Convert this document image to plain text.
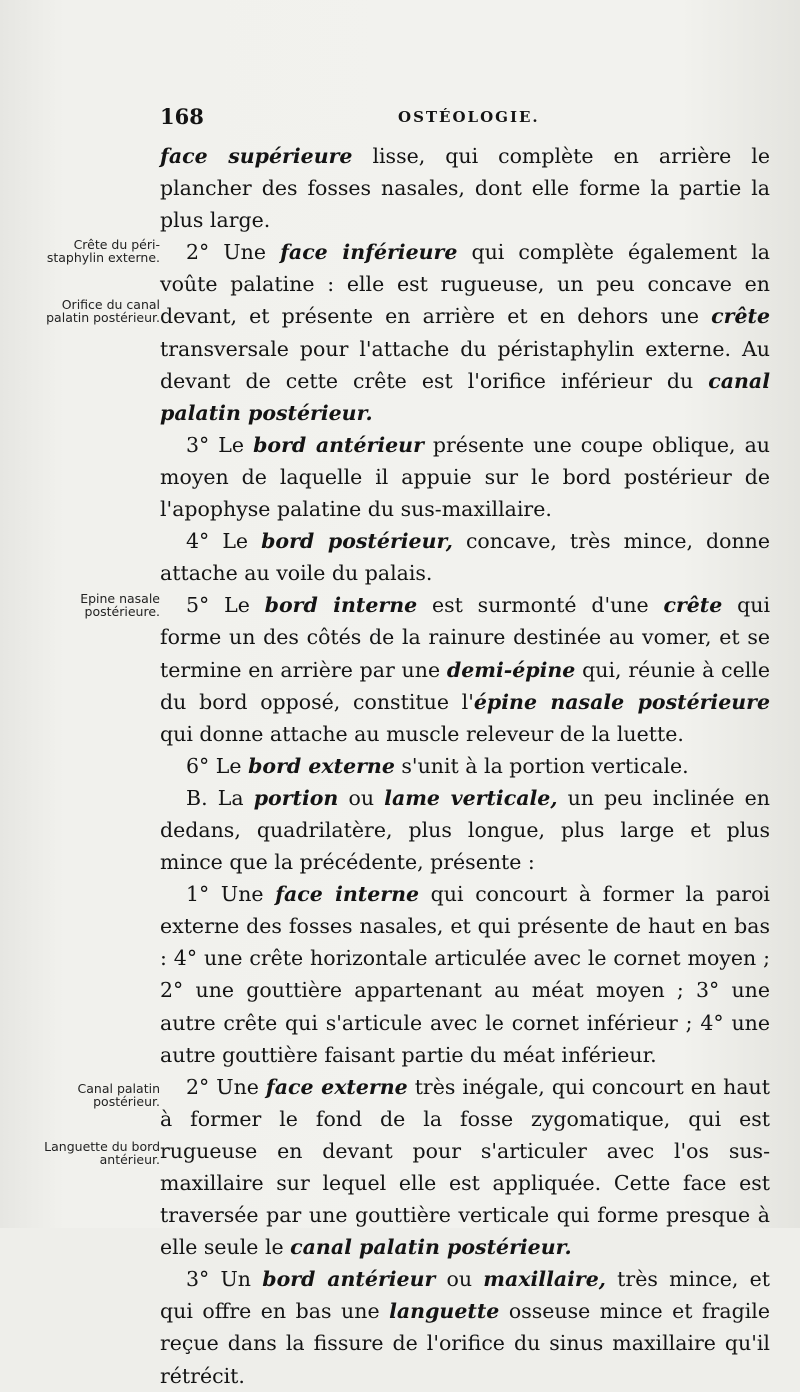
168	OSTÉOLOGIE.
Crête du péri-staphylin externe.
Orifice du canal palatin postérieur.
Epine nasale postérieure.
Canal palatin postérieur.
Languette du bord antérieur.

face supérieure lisse, qui complète en arrière le plancher des fosses nasales, dont elle forme la partie la plus large.

2° Une face inférieure qui complète également la voûte palatine : elle est rugueuse, un peu concave en devant, et présente en arrière et en dehors une crête transversale pour l'attache du péristaphylin externe. Au devant de cette crête est l'orifice inférieur du canal palatin postérieur.

3° Le bord antérieur présente une coupe oblique, au moyen de laquelle il appuie sur le bord postérieur de l'apophyse palatine du sus-maxillaire.

4° Le bord postérieur, concave, très mince, donne attache au voile du palais.

5° Le bord interne est surmonté d'une crête qui forme un des côtés de la rainure destinée au vomer, et se termine en arrière par une demi-épine qui, réunie à celle du bord opposé, constitue l'épine nasale postérieure qui donne attache au muscle releveur de la luette.

6° Le bord externe s'unit à la portion verticale.

B. La portion ou lame verticale, un peu inclinée en dedans, quadrilatère, plus longue, plus large et plus mince que la précédente, présente :

1° Une face interne qui concourt à former la paroi externe des fosses nasales, et qui présente de haut en bas : 4° une crête horizontale articulée avec le cornet moyen ; 2° une gouttière appartenant au méat moyen ; 3° une autre crête qui s'articule avec le cornet inférieur ; 4° une autre gouttière faisant partie du méat inférieur.

2° Une face externe très inégale, qui concourt en haut à former le fond de la fosse zygomatique, qui est rugueuse en devant pour s'articuler avec l'os sus-maxillaire sur lequel elle est appliquée. Cette face est traversée par une gouttière verticale qui forme presque à elle seule le canal palatin postérieur.

3° Un bord antérieur ou maxillaire, très mince, et qui offre en bas une languette osseuse mince et fragile reçue dans la fissure de l'orifice du sinus maxillaire qu'il rétrécit.
